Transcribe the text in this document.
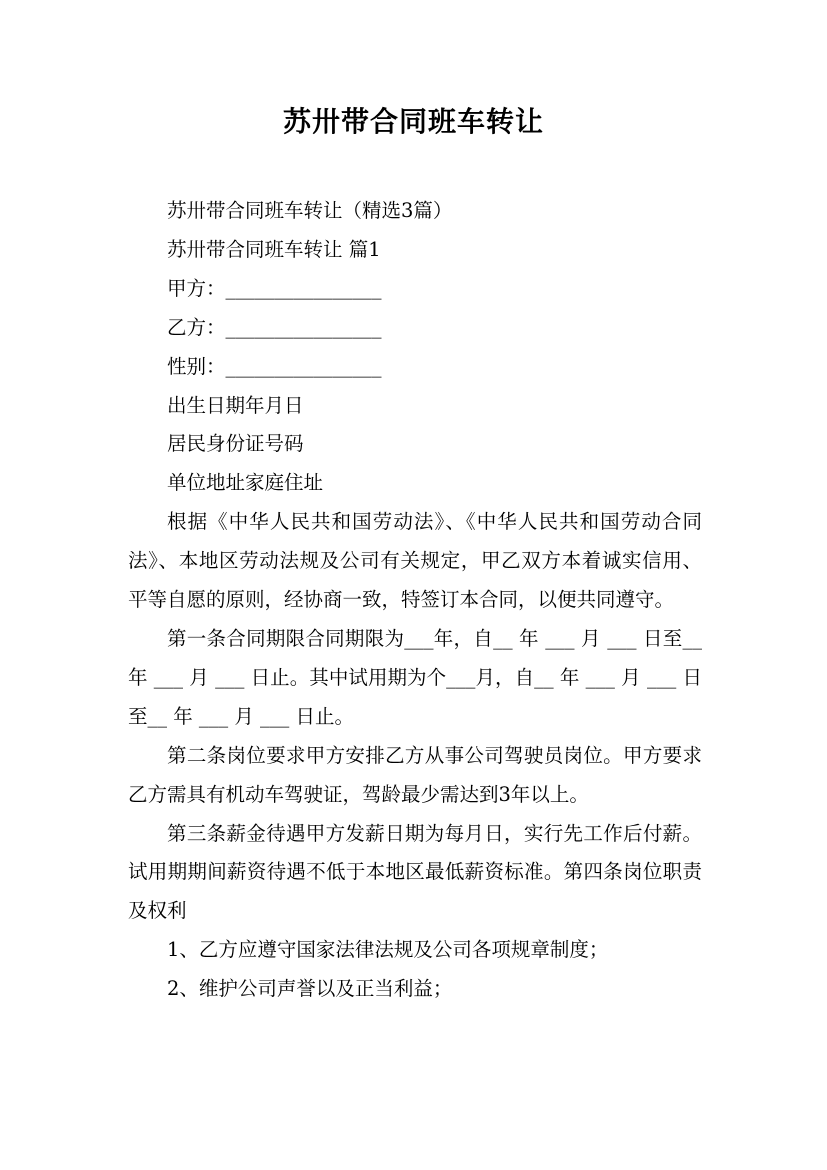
苏卅带合同班车转让

苏卅带合同班车转让（精选3篇）

苏卅带合同班车转让 篇1

甲方：________________

乙方：________________

性别：________________

出生日期年月日

居民身份证号码

单位地址家庭住址

根据《中华人民共和国劳动法》、《中华人民共和国劳动合同法》、本地区劳动法规及公司有关规定，甲乙双方本着诚实信用、平等自愿的原则，经协商一致，特签订本合同，以便共同遵守。

第一条合同期限合同期限为___年，自__ 年 ___ 月 ___ 日至__ 年 ___ 月 ___ 日止。其中试用期为个___月，自__ 年 ___ 月 ___ 日至__ 年 ___ 月 ___ 日止。

第二条岗位要求甲方安排乙方从事公司驾驶员岗位。甲方要求乙方需具有机动车驾驶证，驾龄最少需达到3年以上。

第三条薪金待遇甲方发薪日期为每月日，实行先工作后付薪。试用期期间薪资待遇不低于本地区最低薪资标准。第四条岗位职责及权利

1、乙方应遵守国家法律法规及公司各项规章制度；

2、维护公司声誉以及正当利益；
